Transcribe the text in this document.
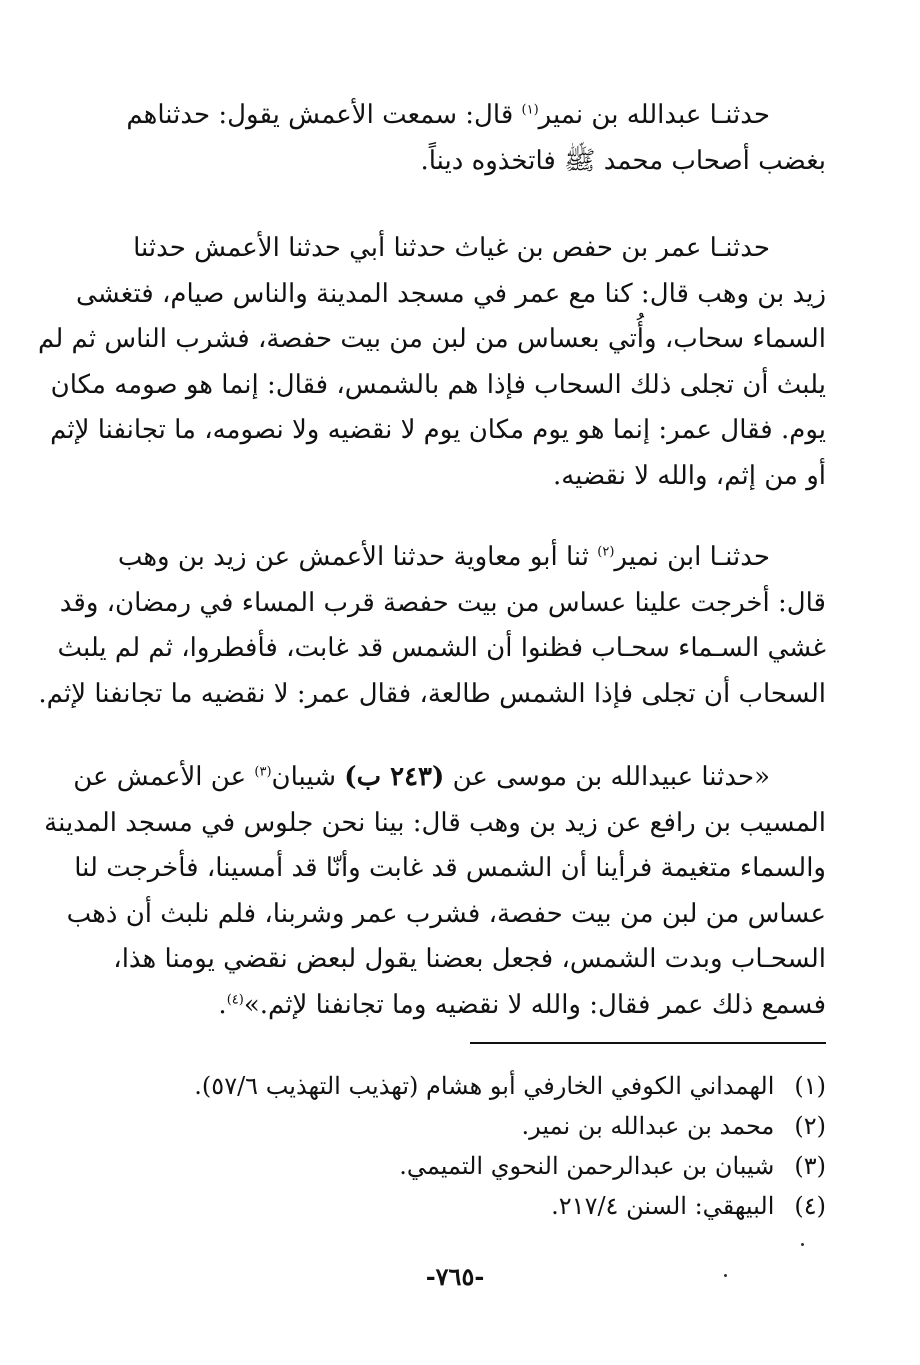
حدثنـا عبدالله بن نمير$^{(١)}$ قال: سمعت الأعمش يقول: حدثناهم
بغضب أصحاب محمد ﷺ فاتخذوه ديناً.
حدثنـا عمر بن حفص بن غياث حدثنا أبي حدثنا الأعمش حدثنا
زيد بن وهب قال: كنا مع عمر في مسجد المدينة والناس صيام، فتغشى
السماء سحاب، وأُتي بعساس من لبن من بيت حفصة، فشرب الناس ثم لم
يلبث أن تجلى ذلك السحاب فإذا هم بالشمس، فقال: إنما هو صومه مكان
يوم. فقال عمر: إنما هو يوم مكان يوم لا نقضيه ولا نصومه، ما تجانفنا لإثم
أو من إثم، والله لا نقضيه.
حدثنـا ابن نمير$^{(٢)}$ ثنا أبو معاوية حدثنا الأعمش عن زيد بن وهب
قال: أخرجت علينا عساس من بيت حفصة قرب المساء في رمضان، وقد
غشي السـماء سحـاب فظنوا أن الشمس قد غابت، فأفطروا، ثم لم يلبث
السحاب أن تجلى فإذا الشمس طالعة، فقال عمر: لا نقضيه ما تجانفنا لإثم.
«حدثنا عبيدالله بن موسى عن (٢٤٣ ب) شيبان$^{(٣)}$ عن الأعمش عن
المسيب بن رافع عن زيد بن وهب قال: بينا نحن جلوس في مسجد المدينة
والسماء متغيمة فرأينا أن الشمس قد غابت وأنّا قد أمسينا، فأخرجت لنا
عساس من لبن من بيت حفصة، فشرب عمر وشربنا، فلم نلبث أن ذهب
السحـاب وبدت الشمس، فجعل بعضنا يقول لبعض نقضي يومنا هذا،
فسمع ذلك عمر فقال: والله لا نقضيه وما تجانفنا لإثم.»$^{(٤)}$.
(١) الهمداني الكوفي الخارفي أبو هشام (تهذيب التهذيب ٥٧/٦).
(٢) محمد بن عبدالله بن نمير.
(٣) شيبان بن عبدالرحمن النحوي التميمي.
(٤) البيهقي: السنن ٢١٧/٤.
-٧٦٥-
